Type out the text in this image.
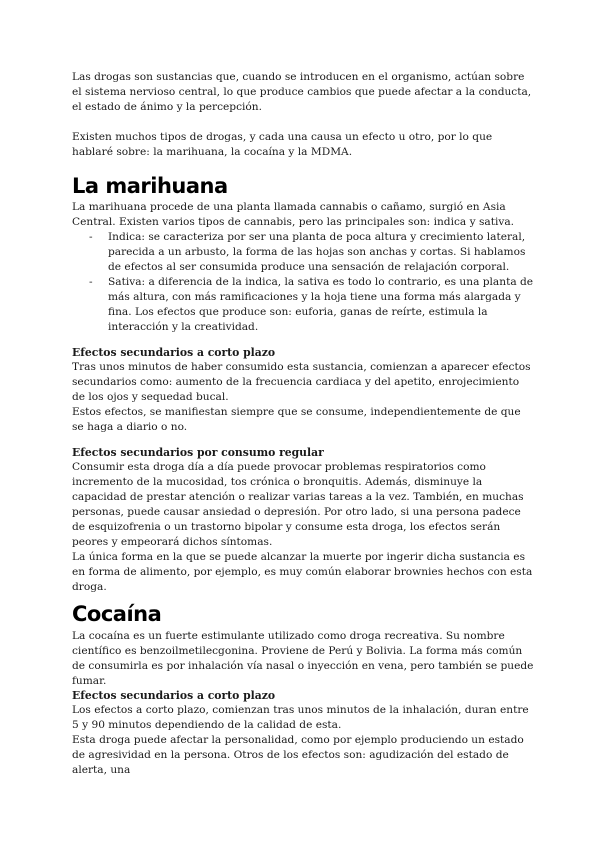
Las drogas son sustancias que, cuando se introducen en el organismo, actúan sobre el sistema nervioso central, lo que produce cambios que puede afectar a la conducta, el estado de ánimo y la percepción.

Existen muchos tipos de drogas, y cada una causa un efecto u otro, por lo que hablaré sobre: la marihuana, la cocaína y la MDMA.

La marihuana

La marihuana procede de una planta llamada cannabis o cañamo, surgió en Asia Central. Existen varios tipos de cannabis, pero las principales son: indica y sativa.

- Indica: se caracteriza por ser una planta de poca altura y crecimiento lateral, parecida a un arbusto, la forma de las hojas son anchas y cortas. Si hablamos de efectos al ser consumida produce una sensación de relajación corporal.
- Sativa: a diferencia de la indica, la sativa es todo lo contrario, es una planta de más altura, con más ramificaciones y la hoja tiene una forma más alargada y fina. Los efectos que produce son: euforia, ganas de reírte, estimula la interacción y la creatividad.
Efectos secundarios a corto plazo

Tras unos minutos de haber consumido esta sustancia, comienzan a aparecer efectos secundarios como: aumento de la frecuencia cardiaca y del apetito, enrojecimiento de los ojos y sequedad bucal.

Estos efectos, se manifiestan siempre que se consume, independientemente de que se haga a diario o no.

Efectos secundarios por consumo regular

Consumir esta droga día a día puede provocar problemas respiratorios como incremento de la mucosidad, tos crónica o bronquitis. Además, disminuye la capacidad de prestar atención o realizar varias tareas a la vez. También, en muchas personas, puede causar ansiedad o depresión. Por otro lado, si una persona padece de esquizofrenia o un trastorno bipolar y consume esta droga, los efectos serán peores y empeorará dichos síntomas.

La única forma en la que se puede alcanzar la muerte por ingerir dicha sustancia es en forma de alimento, por ejemplo, es muy común elaborar brownies hechos con esta droga.

Cocaína

La cocaína es un fuerte estimulante utilizado como droga recreativa. Su nombre científico es benzoilmetilecgonina. Proviene de Perú y Bolivia. La forma más común de consumirla es por inhalación vía nasal o inyección en vena, pero también se puede fumar.

Efectos secundarios a corto plazo

Los efectos a corto plazo, comienzan tras unos minutos de la inhalación, duran entre 5 y 90 minutos dependiendo de la calidad de esta.

Esta droga puede afectar la personalidad, como por ejemplo produciendo un estado de agresividad en la persona. Otros de los efectos son: agudización del estado de alerta, una
